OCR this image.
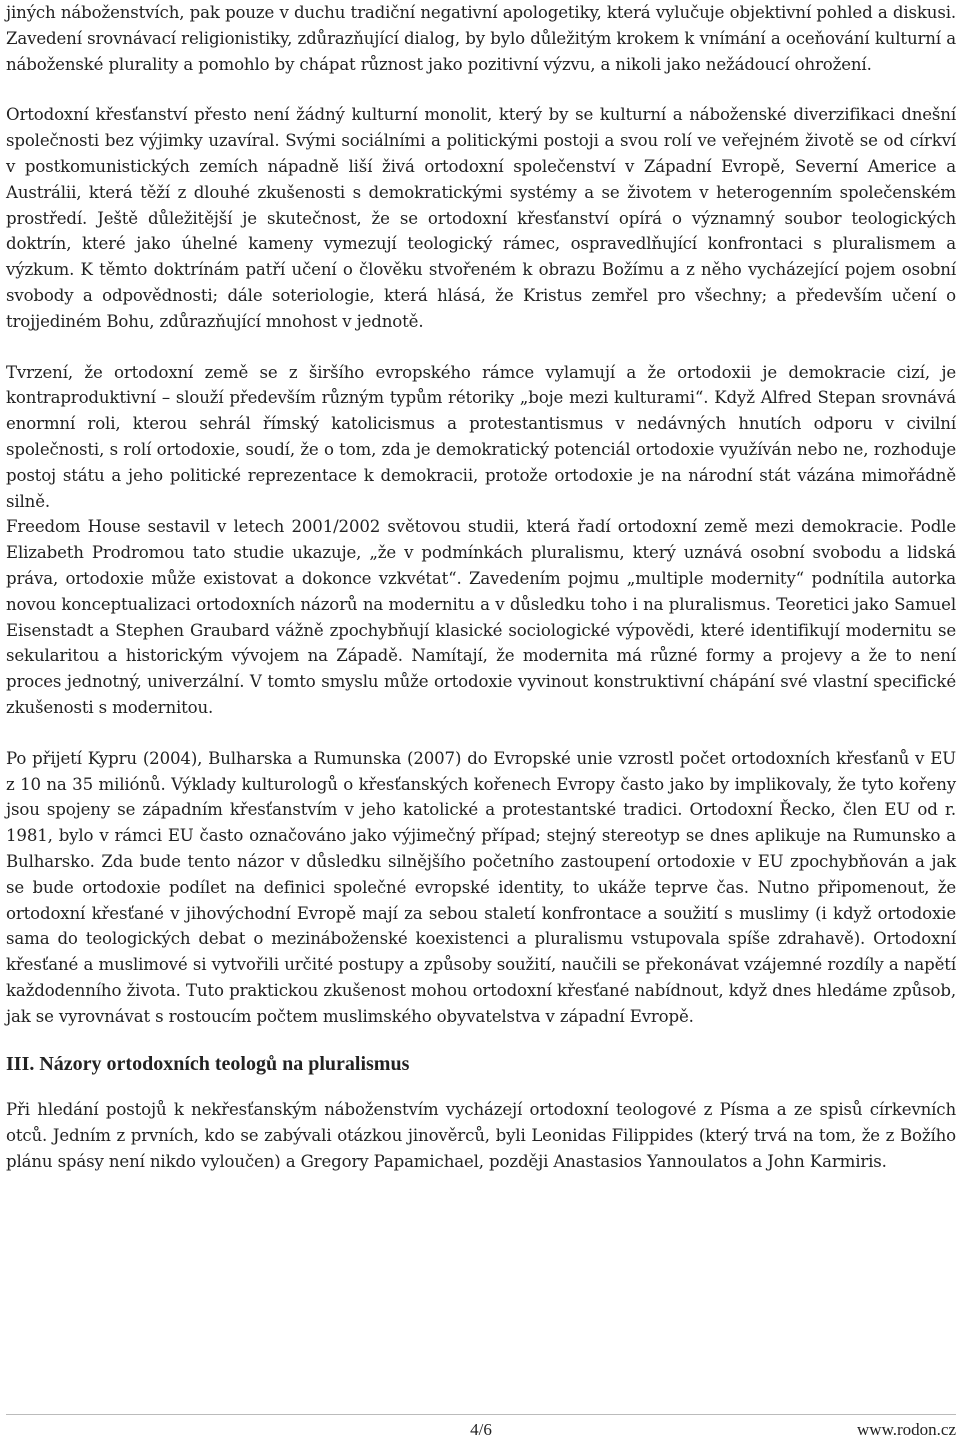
jiných náboženstvích, pak pouze v duchu tradiční negativní apologetiky, která vylučuje objektivní pohled a diskusi. Zavedení srovnávací religionistiky, zdůrazňující dialog, by bylo důležitým krokem k vnímání a oceňování kulturní a náboženské plurality a pomohlo by chápat různost jako pozitivní výzvu, a nikoli jako nežádoucí ohrožení.

Ortodoxní křesťanství přesto není žádný kulturní monolit, který by se kulturní a náboženské diverzifikaci dnešní společnosti bez výjimky uzavíral. Svými sociálními a politickými postoji a svou rolí ve veřejném životě se od církví v postkomunistických zemích nápadně liší živá ortodoxní společenství v Západní Evropě, Severní Americe a Austrálii, která těží z dlouhé zkušenosti s demokratickými systémy a se životem v heterogenním společenském prostředí. Ještě důležitější je skutečnost, že se ortodoxní křesťanství opírá o významný soubor teologických doktrín, které jako úhelné kameny vymezují teologický rámec, ospravedlňující konfrontaci s pluralismem a výzkum. K těmto doktrínám patří učení o člověku stvořeném k obrazu Božímu a z něho vycházející pojem osobní svobody a odpovědnosti; dále soteriologie, která hlásá, že Kristus zemřel pro všechny; a především učení o trojjediném Bohu, zdůrazňující mnohost v jednotě.

Tvrzení, že ortodoxní země se z širšího evropského rámce vylamují a že ortodoxii je demokracie cizí, je kontraproduktivní – slouží především různým typům rétoriky „boje mezi kulturami“. Když Alfred Stepan srovnává enormní roli, kterou sehrál římský katolicismus a protestantismus v nedávných hnutích odporu v civilní společnosti, s rolí ortodoxie, soudí, že o tom, zda je demokratický potenciál ortodoxie využíván nebo ne, rozhoduje postoj státu a jeho politické reprezentace k demokracii, protože ortodoxie je na národní stát vázána mimořádně silně.

Freedom House sestavil v letech 2001/2002 světovou studii, která řadí ortodoxní země mezi demokracie. Podle Elizabeth Prodromou tato studie ukazuje, „že v podmínkách pluralismu, který uznává osobní svobodu a lidská práva, ortodoxie může existovat a dokonce vzkvétat“. Zavedením pojmu „multiple modernity“ podnítila autorka novou konceptualizaci ortodoxních názorů na modernitu a v důsledku toho i na pluralismus. Teoretici jako Samuel Eisenstadt a Stephen Graubard vážně zpochybňují klasické sociologické výpovědi, které identifikují modernitu se sekularitou a historickým vývojem na Západě. Namítají, že modernita má různé formy a projevy a že to není proces jednotný, univerzální. V tomto smyslu může ortodoxie vyvinout konstruktivní chápání své vlastní specifické zkušenosti s modernitou.

Po přijetí Kypru (2004), Bulharska a Rumunska (2007) do Evropské unie vzrostl počet ortodoxních křesťanů v EU z 10 na 35 miliónů. Výklady kulturologů o křesťanských kořenech Evropy často jako by implikovaly, že tyto kořeny jsou spojeny se západním křesťanstvím v jeho katolické a protestantské tradici. Ortodoxní Řecko, člen EU od r. 1981, bylo v rámci EU často označováno jako výjimečný případ; stejný stereotyp se dnes aplikuje na Rumunsko a Bulharsko. Zda bude tento názor v důsledku silnějšího početního zastoupení ortodoxie v EU zpochybňován a jak se bude ortodoxie podílet na definici společné evropské identity, to ukáže teprve čas. Nutno připomenout, že ortodoxní křesťané v jihovýchodní Evropě mají za sebou staletí konfrontace a soužití s muslimy (i když ortodoxie sama do teologických debat o mezináboženské koexistenci a pluralismu vstupovala spíše zdrahavě). Ortodoxní křesťané a muslimové si vytvořili určité postupy a způsoby soužití, naučili se překonávat vzájemné rozdíly a napětí každodenního života. Tuto praktickou zkušenost mohou ortodoxní křesťané nabídnout, když dnes hledáme způsob, jak se vyrovnávat s rostoucím počtem muslimského obyvatelstva v západní Evropě.

III. Názory ortodoxních teologů na pluralismus

Při hledání postojů k nekřesťanským náboženstvím vycházejí ortodoxní teologové z Písma a ze spisů církevních otců. Jedním z prvních, kdo se zabývali otázkou jinověrců, byli Leonidas Filippides (který trvá na tom, že z Božího plánu spásy není nikdo vyloučen) a Gregory Papamichael, později Anastasios Yannoulatos a John Karmiris.

4/6	www.rodon.cz
